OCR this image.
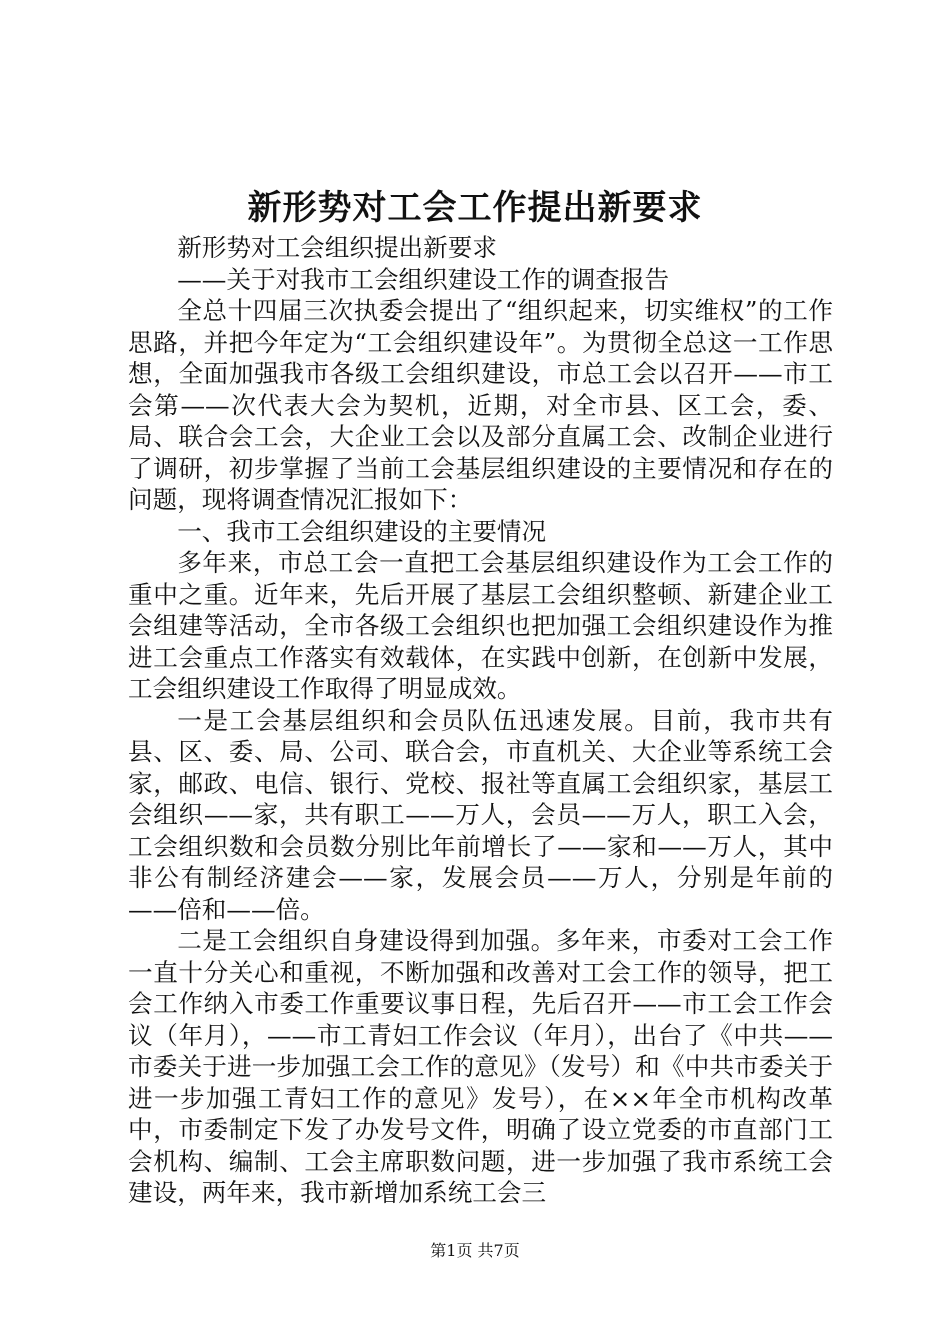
新形势对工会工作提出新要求

新形势对工会组织提出新要求

——关于对我市工会组织建设工作的调查报告

全总十四届三次执委会提出了“组织起来，切实维权”的工作思路，并把今年定为“工会组织建设年”。为贯彻全总这一工作思想，全面加强我市各级工会组织建设，市总工会以召开——市工会第——次代表大会为契机，近期，对全市县、区工会，委、局、联合会工会，大企业工会以及部分直属工会、改制企业进行了调研，初步掌握了当前工会基层组织建设的主要情况和存在的问题，现将调查情况汇报如下：

一、我市工会组织建设的主要情况

多年来，市总工会一直把工会基层组织建设作为工会工作的重中之重。近年来，先后开展了基层工会组织整顿、新建企业工会组建等活动，全市各级工会组织也把加强工会组织建设作为推进工会重点工作落实有效载体，在实践中创新，在创新中发展，工会组织建设工作取得了明显成效。

一是工会基层组织和会员队伍迅速发展。目前，我市共有县、区、委、局、公司、联合会，市直机关、大企业等系统工会家，邮政、电信、银行、党校、报社等直属工会组织家，基层工会组织——家，共有职工——万人，会员——万人，职工入会，工会组织数和会员数分别比年前增长了——家和——万人，其中非公有制经济建会——家，发展会员——万人，分别是年前的——倍和——倍。

二是工会组织自身建设得到加强。多年来，市委对工会工作一直十分关心和重视，不断加强和改善对工会工作的领导，把工会工作纳入市委工作重要议事日程，先后召开——市工会工作会议（年月），——市工青妇工作会议（年月），出台了《中共——市委关于进一步加强工会工作的意见》（发号）和《中共市委关于进一步加强工青妇工作的意见》发号），在××年全市机构改革中，市委制定下发了办发号文件，明确了设立党委的市直部门工会机构、编制、工会主席职数问题，进一步加强了我市系统工会建设，两年来，我市新增加系统工会三

第1页 共7页
